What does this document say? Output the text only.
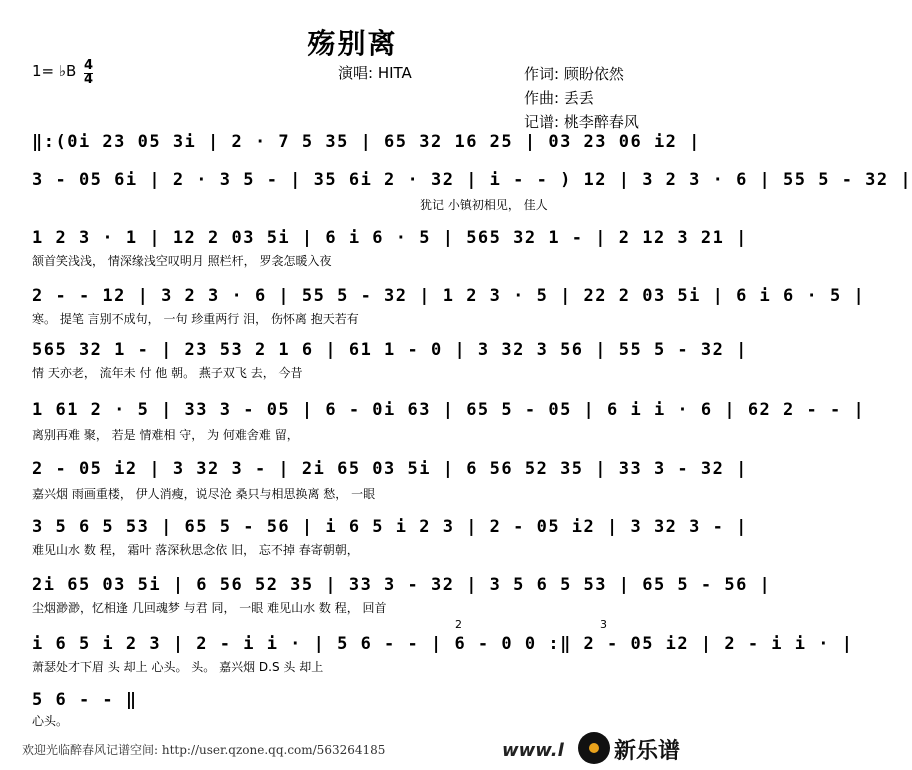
殇别离
1= ♭B 4
4	演唱: HITA	作词: 顾盼依然
作曲: 丢丢
记谱: 桃李醉春风
‖:(0i 23 05 3i | 2 · 7 5 35 | 65 32 16 25 | 03 23 06 i2 |
3 - 05 6i | 2 · 3 5 - | 35 6i 2 · 32 | i - - ) 12 | 3 2 3 · 6 | 55 5 - 32 |
犹记 小镇初相见， 佳人
1 2 3 · 1 | 12 2 03 5i | 6 i 6 · 5 | 565 32 1 - | 2 12 3 21 |
颔首笑浅浅， 情深缘浅空叹明月 照栏杆， 罗衾怎暖入夜
2 - - 12 | 3 2 3 · 6 | 55 5 - 32 | 1 2 3 · 5 | 22 2 03 5i | 6 i 6 · 5 |
寒。 提笔 言别不成句， 一句 珍重两行 泪， 伤怀离 抱天若有
565 32 1 - | 23 53 2 1 6 | 61 1 - 0 | 3 32 3 56 | 55 5 - 32 |
情 天亦老， 流年未 付 他 朝。 燕子双飞 去， 今昔
1 61 2 · 5 | 33 3 - 05 | 6 - 0i 63 | 65 5 - 05 | 6 i i · 6 | 62 2 - - |
离别再难 聚， 若是 情难相 守， 为 何难舍难 留，
2 - 05 i2 | 3 32 3 - | 2i 65 03 5i | 6 56 52 35 | 33 3 - 32 |
嘉兴烟 雨画重楼， 伊人消瘦，说尽沧 桑只与相思换离 愁， 一眼
3 5 6 5 53 | 65 5 - 56 | i 6 5 i 2 3 | 2 - 05 i2 | 3 32 3 - |
难见山水 数 程， 霜叶 落深秋思念依 旧， 忘不掉 春寄朝朝，
2i 65 03 5i | 6 56 52 35 | 33 3 - 32 | 3 5 6 5 53 | 65 5 - 56 |
尘烟渺渺，忆相逢 几回魂梦 与君 同， 一眼 难见山水 数 程， 回首
2	3
i 6 5 i 2 3 | 2 - i i · | 5 6 - - | 6 - 0 0 :‖ 2 - 05 i2 | 2 - i i · |
萧瑟处才下眉 头 却上 心头。 头。 嘉兴烟 D.S 头 却上
5 6 - - ‖
心头。
欢迎光临醉春风记谱空间: http://user.qzone.qq.com/563264185	www.l 新乐谱
